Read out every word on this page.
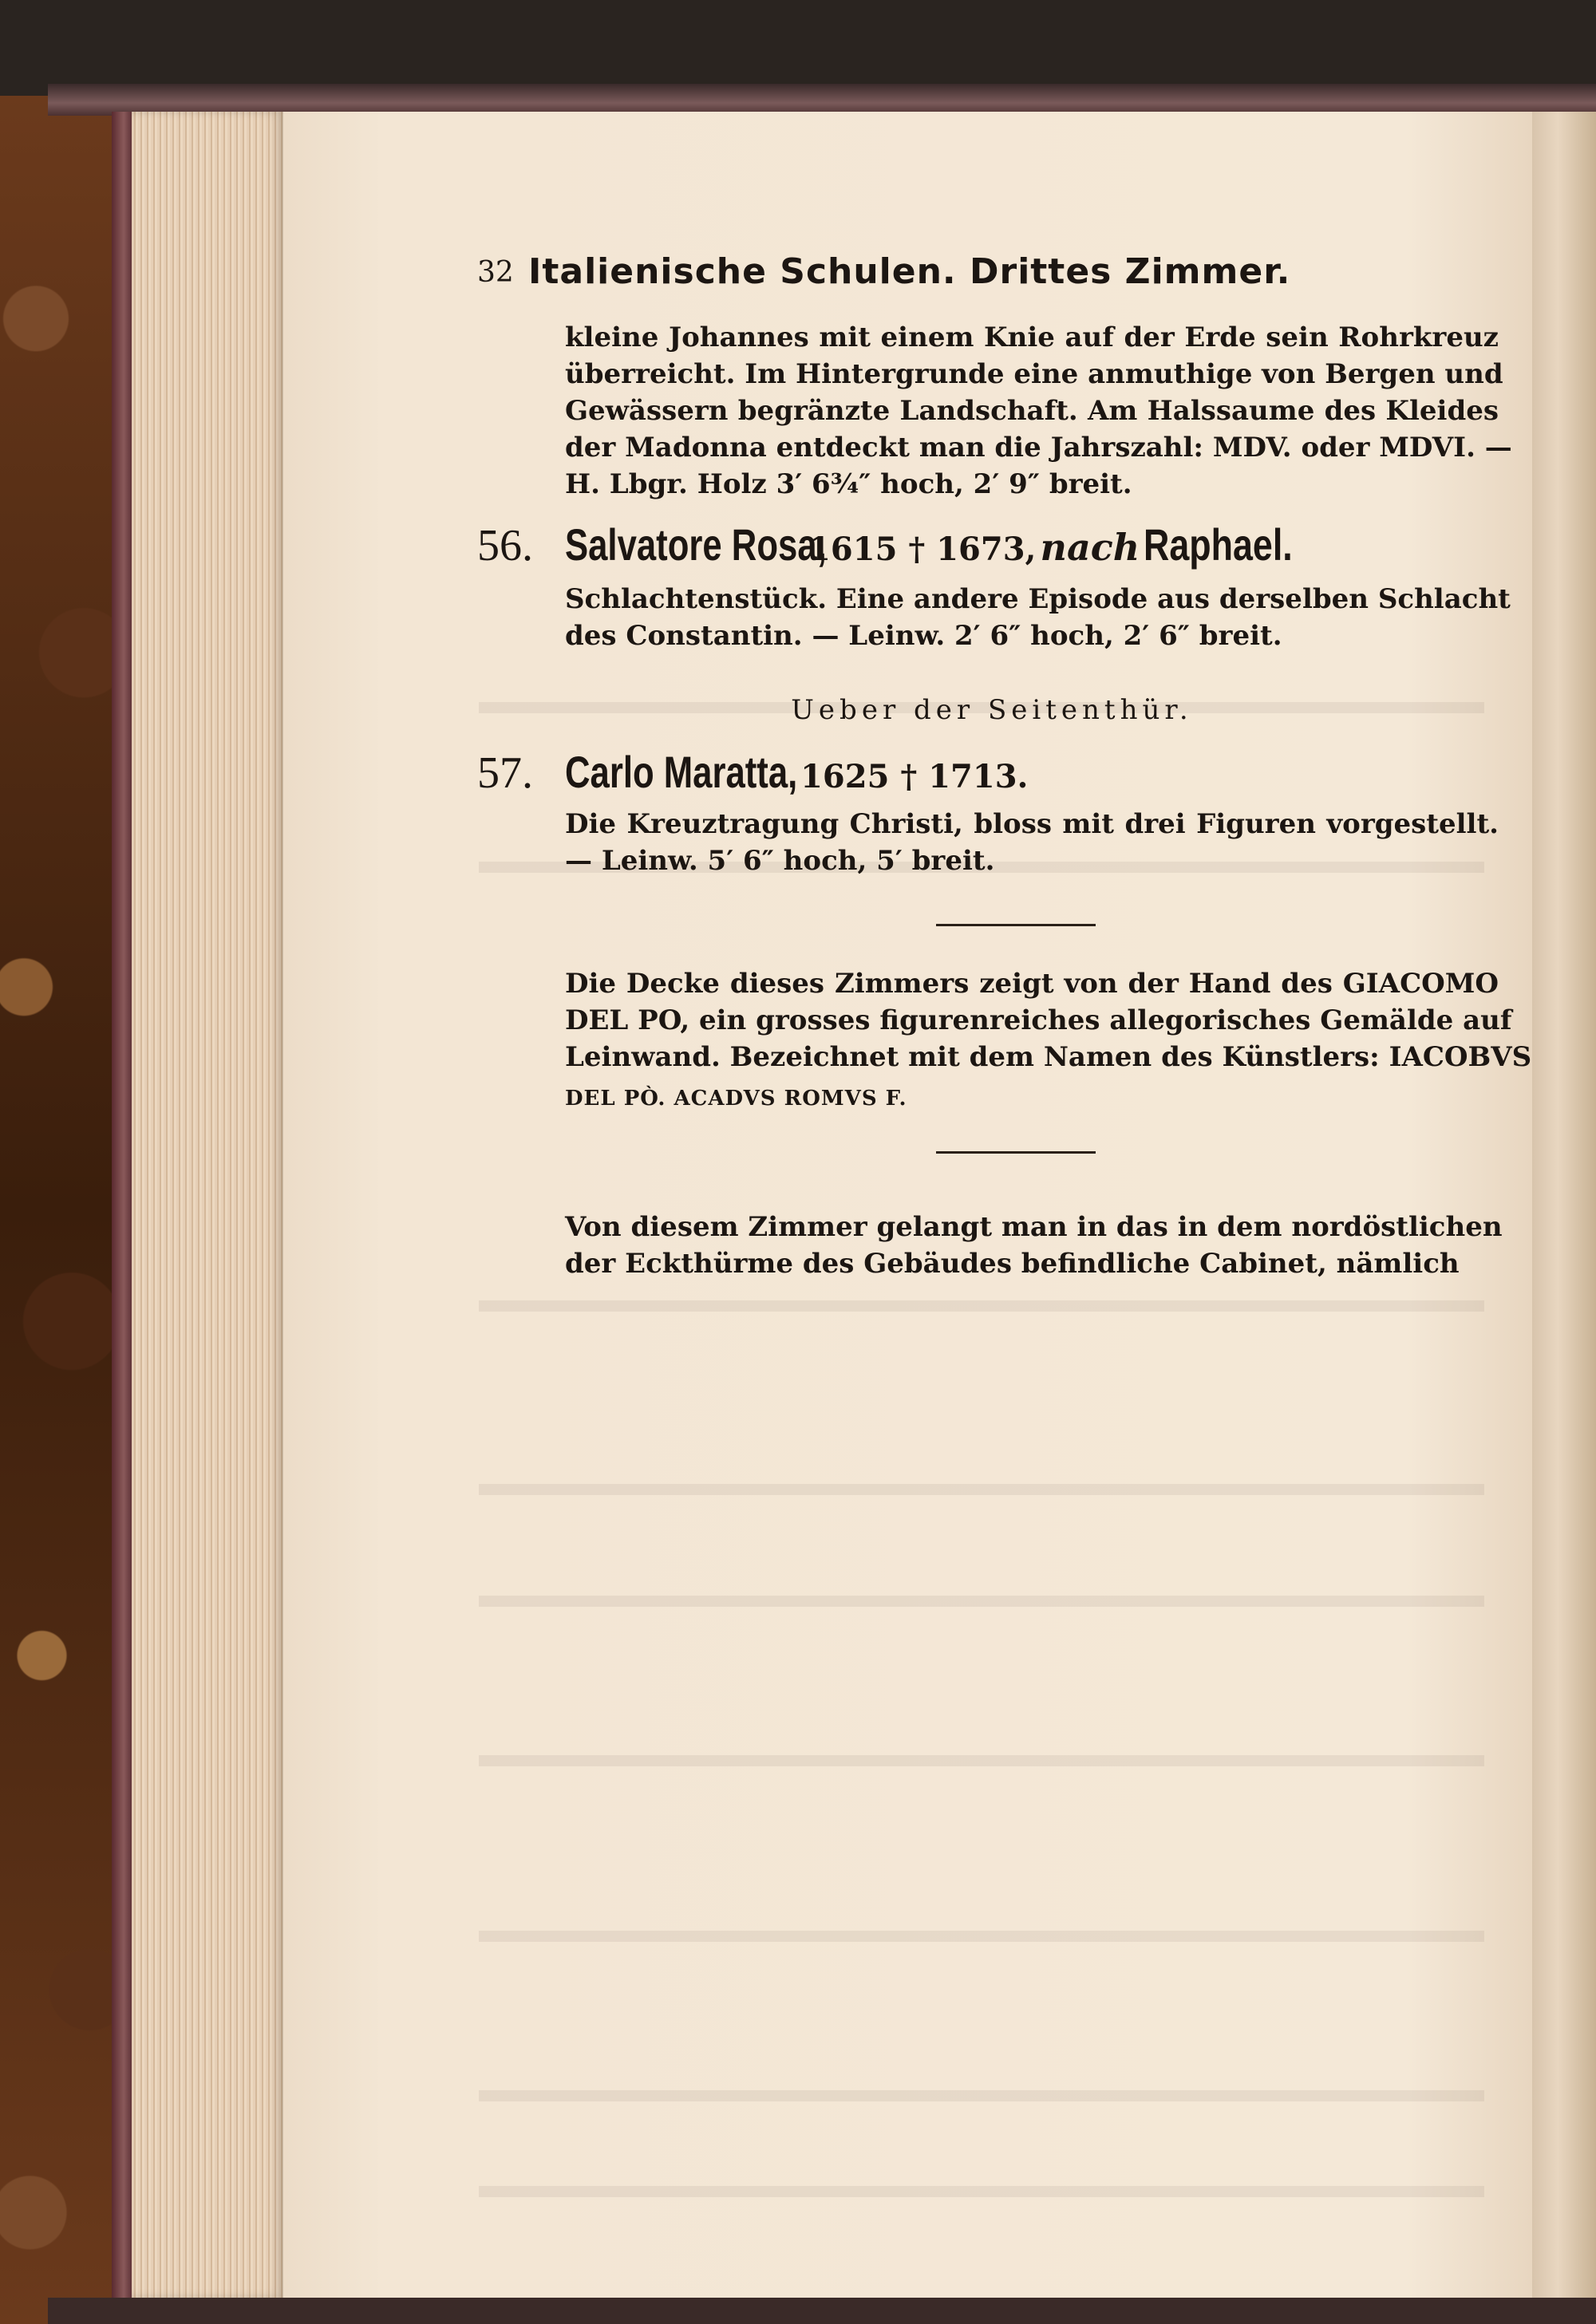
32 Italienische Schulen. Drittes Zimmer.
kleine Johannes mit einem Knie auf der Erde sein Rohrkreuz
überreicht. Im Hintergrunde eine anmuthige von Bergen und
Gewässern begränzte Landschaft. Am Halssaume des Kleides
der Madonna entdeckt man die Jahrszahl: MDV. oder MDVI. —
H. Lbgr. Holz 3′ 6¾″ hoch, 2′ 9″ breit.
56. Salvatore Rosa, 1615 † 1673, nach Raphael.
Schlachtenstück. Eine andere Episode aus derselben Schlacht
des Constantin. — Leinw. 2′ 6″ hoch, 2′ 6″ breit.
Ueber der Seitenthür.
57. Carlo Maratta, 1625 † 1713.
Die Kreuztragung Christi, bloss mit drei Figuren vorgestellt.
— Leinw. 5′ 6″ hoch, 5′ breit.
Die Decke dieses Zimmers zeigt von der Hand des GIACOMO
DEL PO, ein grosses figurenreiches allegorisches Gemälde auf
Leinwand. Bezeichnet mit dem Namen des Künstlers: IACOBVS
DEL PÒ. ACADVS ROMVS F.
Von diesem Zimmer gelangt man in das in dem nordöstlichen
der Eckthürme des Gebäudes befindliche Cabinet, nämlich
